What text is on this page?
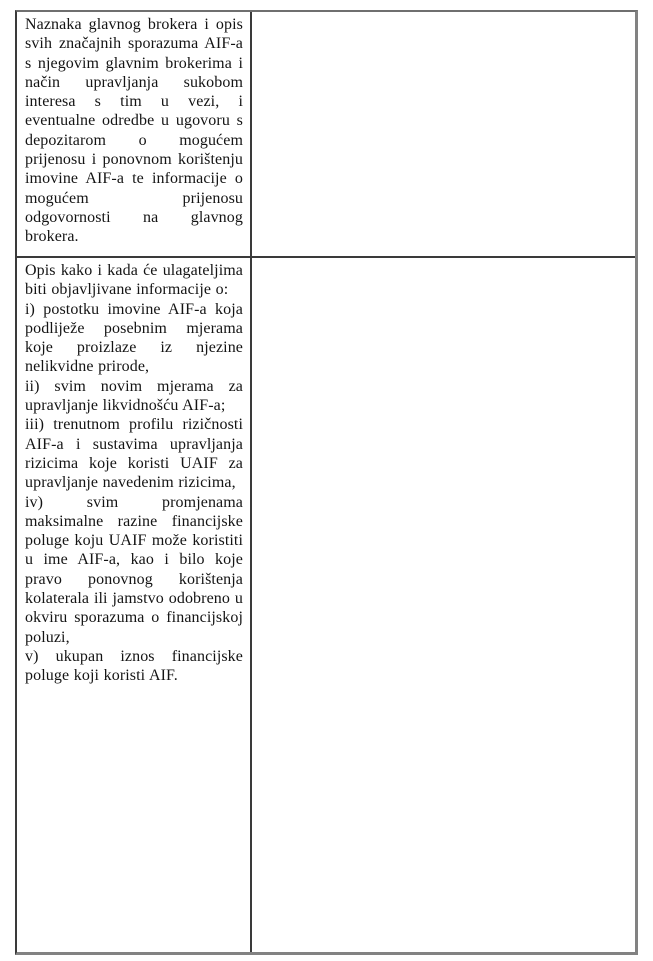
Naznaka glavnog brokera i opis svih značajnih sporazuma AIF-a s njegovim glavnim brokerima i način upravljanja sukobom interesa s tim u vezi, i eventualne odredbe u ugovoru s depozitarom o mogućem prijenosu i ponovnom korištenju imovine AIF-a te informacije o mogućem prijenosu odgovornosti na glavnog brokera.

Opis kako i kada će ulagateljima biti objavljivane informacije o:

i) postotku imovine AIF-a koja podliježe posebnim mjerama koje proizlaze iz njezine nelikvidne prirode,

ii) svim novim mjerama za upravljanje likvidnošću AIF-a;

iii) trenutnom profilu rizičnosti AIF-a i sustavima upravljanja rizicima koje koristi UAIF za upravljanje navedenim rizicima,

iv) svim promjenama maksimalne razine financijske poluge koju UAIF može koristiti u ime AIF-a, kao i bilo koje pravo ponovnog korištenja kolaterala ili jamstvo odobreno u okviru sporazuma o financijskoj poluzi,

v) ukupan iznos financijske poluge koji koristi AIF.
